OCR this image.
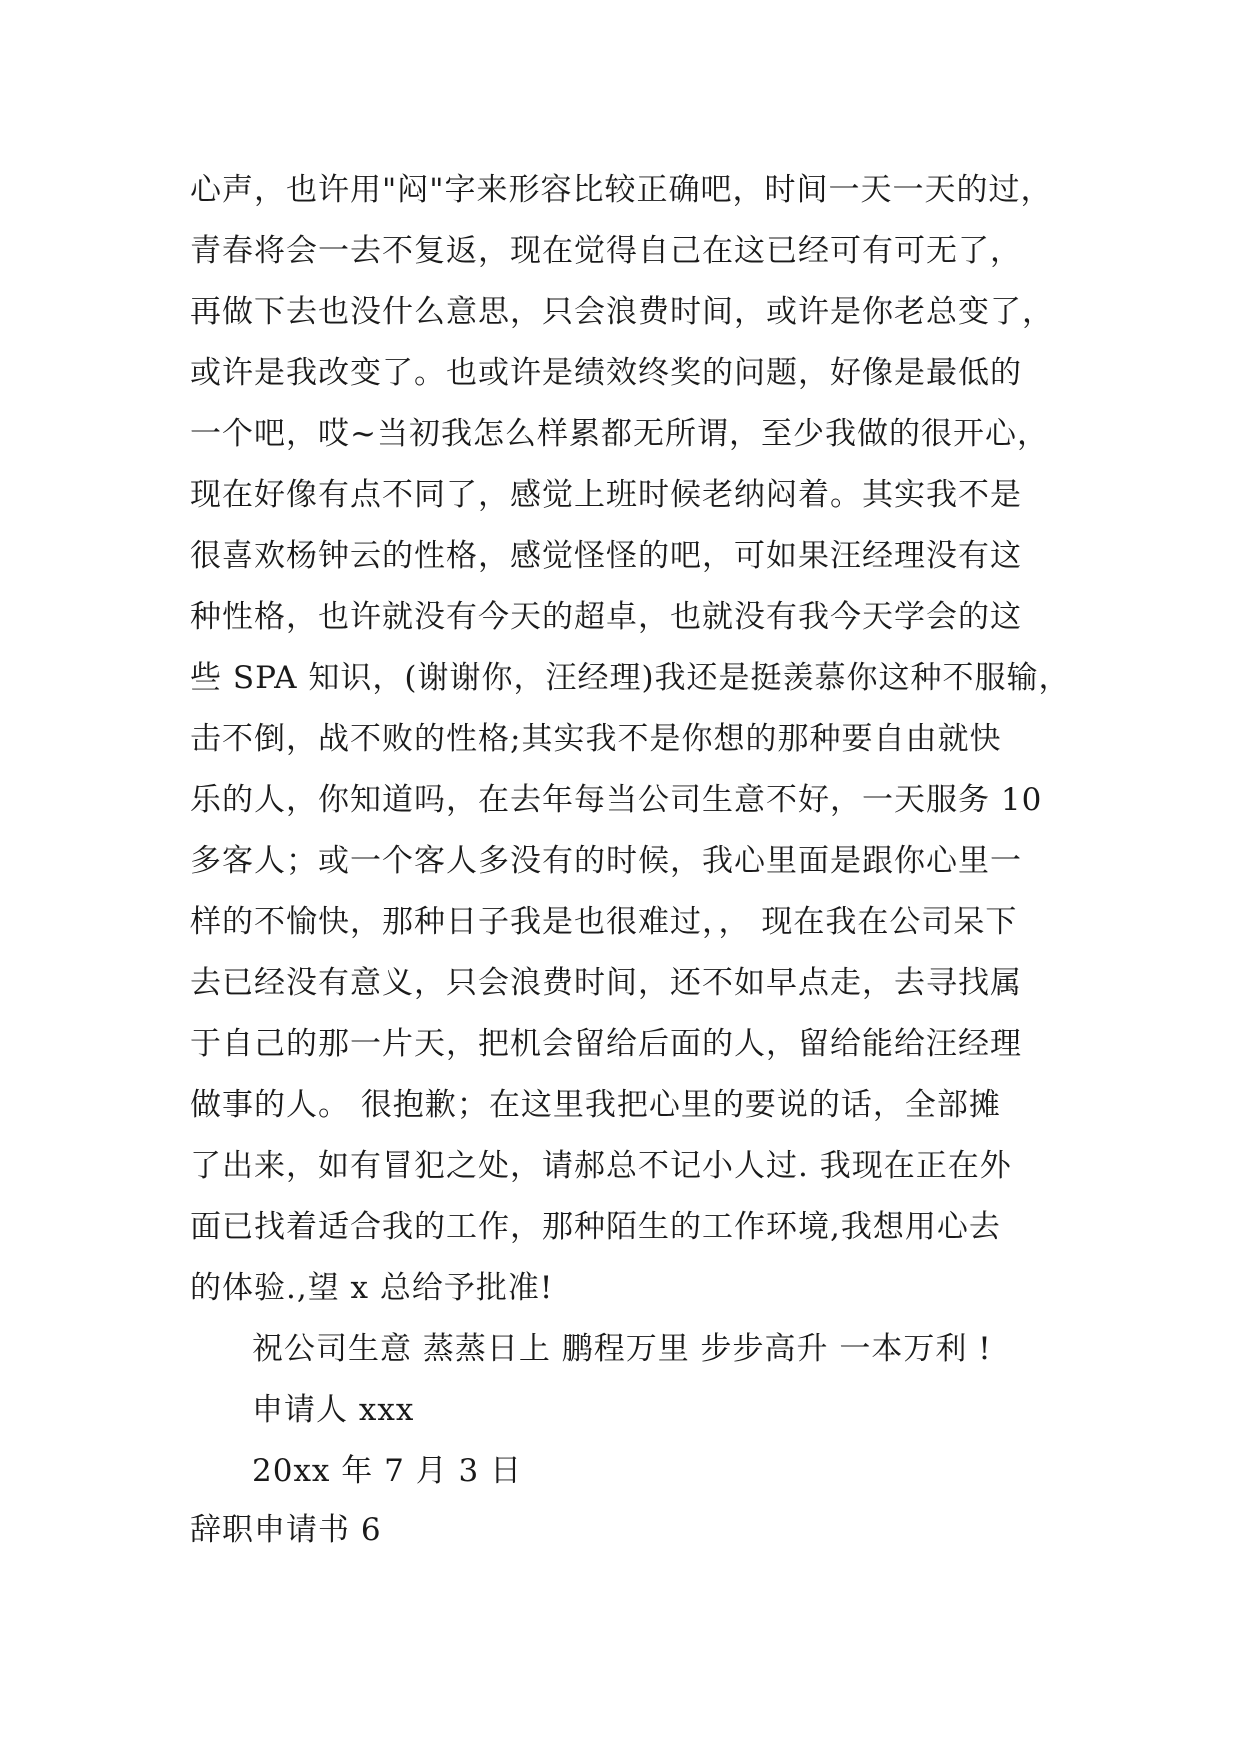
心声，也许用"闷"字来形容比较正确吧，时间一天一天的过，
青春将会一去不复返，现在觉得自己在这已经可有可无了，
再做下去也没什么意思，只会浪费时间，或许是你老总变了，
或许是我改变了。也或许是绩效终奖的问题，好像是最低的
一个吧，哎~当初我怎么样累都无所谓，至少我做的很开心，
现在好像有点不同了，感觉上班时候老纳闷着。其实我不是
很喜欢杨钟云的性格，感觉怪怪的吧，可如果汪经理没有这
种性格，也许就没有今天的超卓，也就没有我今天学会的这
些 SPA 知识，(谢谢你，汪经理)我还是挺羡慕你这种不服输，
击不倒，战不败的性格;其实我不是你想的那种要自由就快
乐的人，你知道吗，在去年每当公司生意不好，一天服务 10
多客人；或一个客人多没有的时候，我心里面是跟你心里一
样的不愉快，那种日子我是也很难过，， 现在我在公司呆下
去已经没有意义，只会浪费时间，还不如早点走，去寻找属
于自己的那一片天，把机会留给后面的人，留给能给汪经理
做事的人。 很抱歉；在这里我把心里的要说的话，全部摊
了出来，如有冒犯之处，请郝总不记小人过. 我现在正在外
面已找着适合我的工作，那种陌生的工作环境,我想用心去
的体验.,望 x 总给予批准!
祝公司生意 蒸蒸日上 鹏程万里 步步高升 一本万利 !
申请人 xxx
20xx 年 7 月 3 日
辞职申请书 6
